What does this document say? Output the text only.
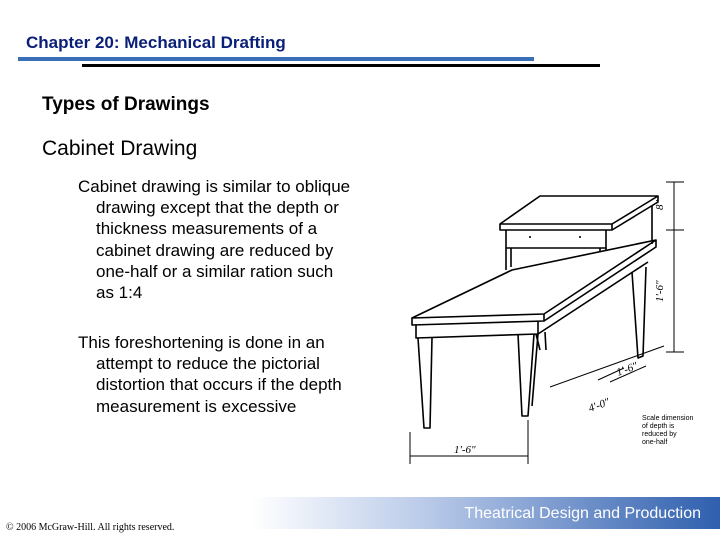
Chapter 20: Mechanical Drafting
Types of Drawings
Cabinet Drawing
Cabinet drawing is similar to oblique
drawing except that the depth or
thickness measurements of a
cabinet drawing are reduced by
one-half or a similar ration such
as 1:4
This foreshortening is done in an
attempt to reduce the pictorial
distortion that occurs if the depth
measurement is excessive
8"
1'-6"
1'-6"
4'-0"
1'-6"
Scale dimension of depth is reduced by one-half
Theatrical Design and Production
© 2006 McGraw-Hill. All rights reserved.
